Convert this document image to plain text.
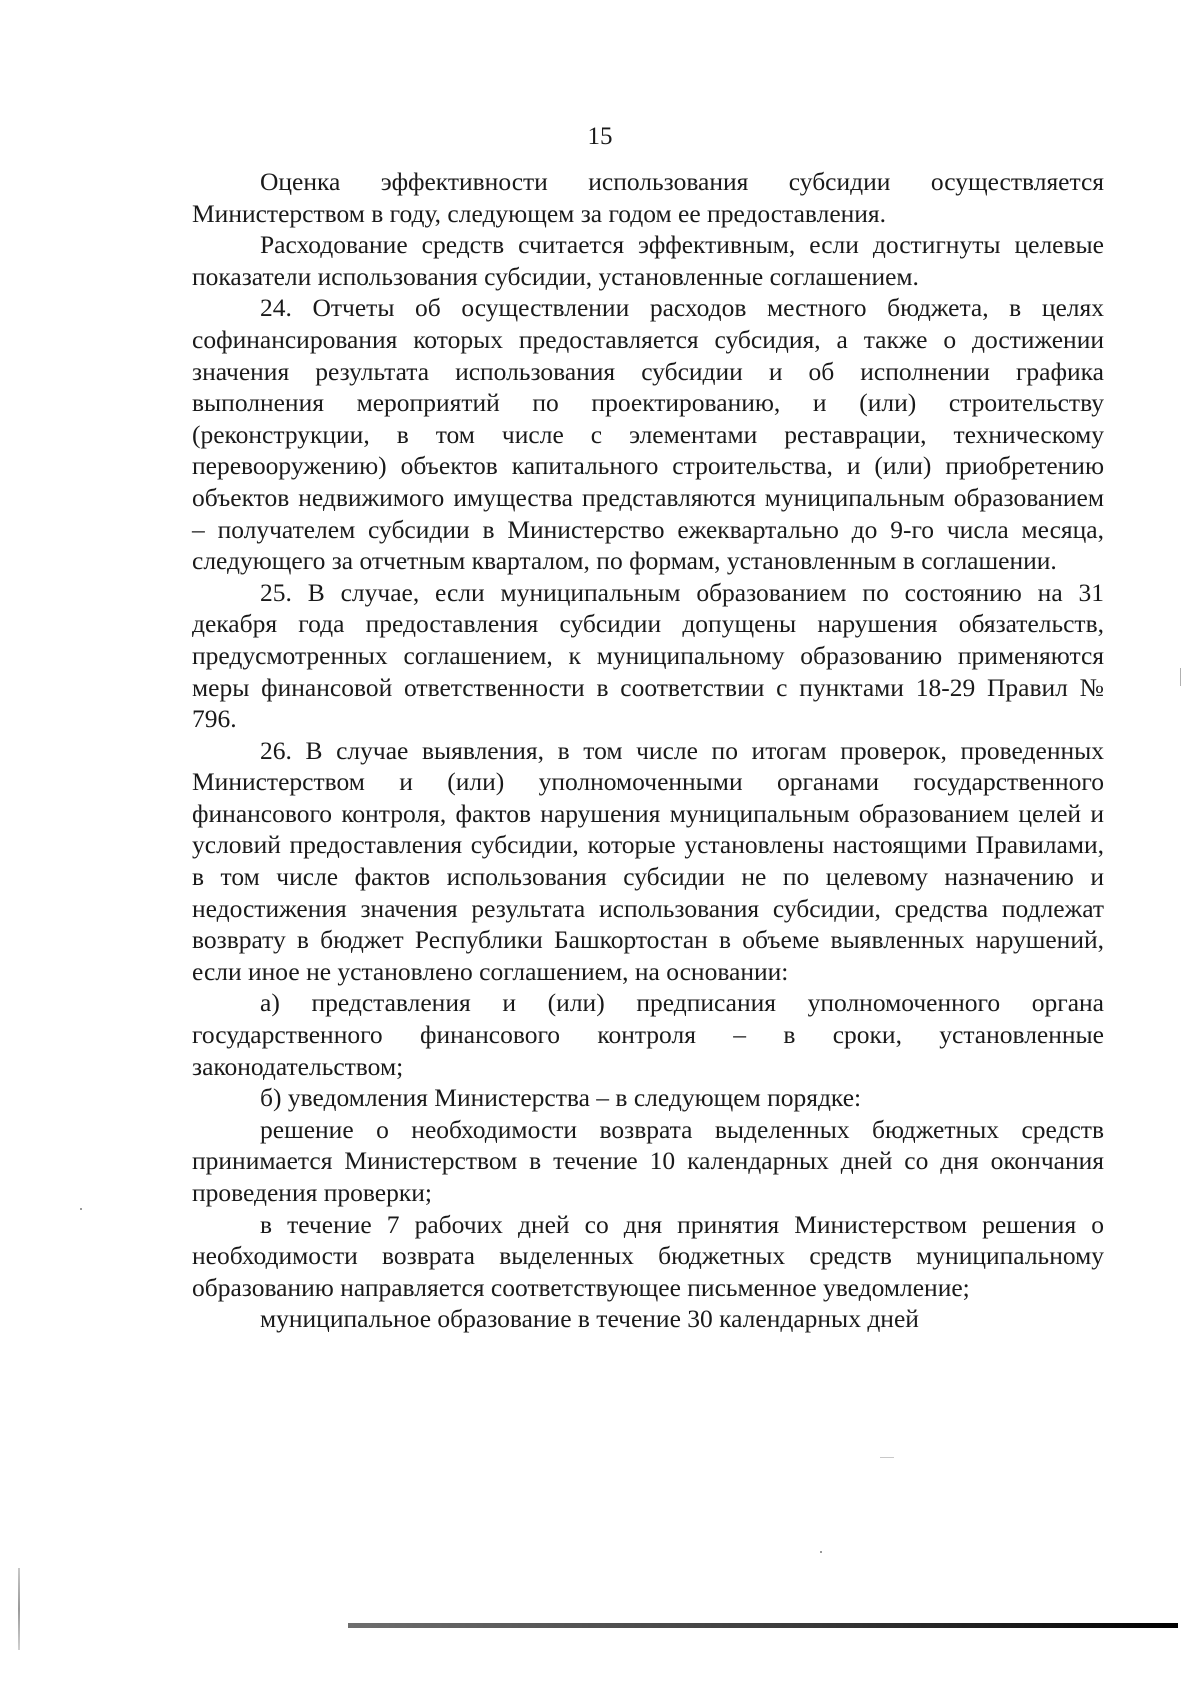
15

Оценка эффективности использования субсидии осуществляется Министерством в году, следующем за годом ее предоставления.

Расходование средств считается эффективным, если достигнуты целевые показатели использования субсидии, установленные соглашением.

24. Отчеты об осуществлении расходов местного бюджета, в целях софинансирования которых предоставляется субсидия, а также о достижении значения результата использования субсидии и об исполнении графика выполнения мероприятий по проектированию, и (или) строительству (реконструкции, в том числе с элементами реставрации, техническому перевооружению) объектов капитального строительства, и (или) приобретению объектов недвижимого имущества представляются муниципальным образованием – получателем субсидии в Министерство ежеквартально до 9-го числа месяца, следующего за отчетным кварталом, по формам, установленным в соглашении.

25. В случае, если муниципальным образованием по состоянию на 31 декабря года предоставления субсидии допущены нарушения обязательств, предусмотренных соглашением, к муниципальному образованию применяются меры финансовой ответственности в соответствии с пунктами 18-29 Правил № 796.

26. В случае выявления, в том числе по итогам проверок, проведенных Министерством и (или) уполномоченными органами государственного финансового контроля, фактов нарушения муниципальным образованием целей и условий предоставления субсидии, которые установлены настоящими Правилами, в том числе фактов использования субсидии не по целевому назначению и недостижения значения результата использования субсидии, средства подлежат возврату в бюджет Республики Башкортостан в объеме выявленных нарушений, если иное не установлено соглашением, на основании:

а) представления и (или) предписания уполномоченного органа государственного финансового контроля – в сроки, установленные законодательством;

б) уведомления Министерства – в следующем порядке:

решение о необходимости возврата выделенных бюджетных средств принимается Министерством в течение 10 календарных дней со дня окончания проведения проверки;

в течение 7 рабочих дней со дня принятия Министерством решения о необходимости возврата выделенных бюджетных средств муниципальному образованию направляется соответствующее письменное уведомление;

муниципальное образование в течение 30 календарных дней
